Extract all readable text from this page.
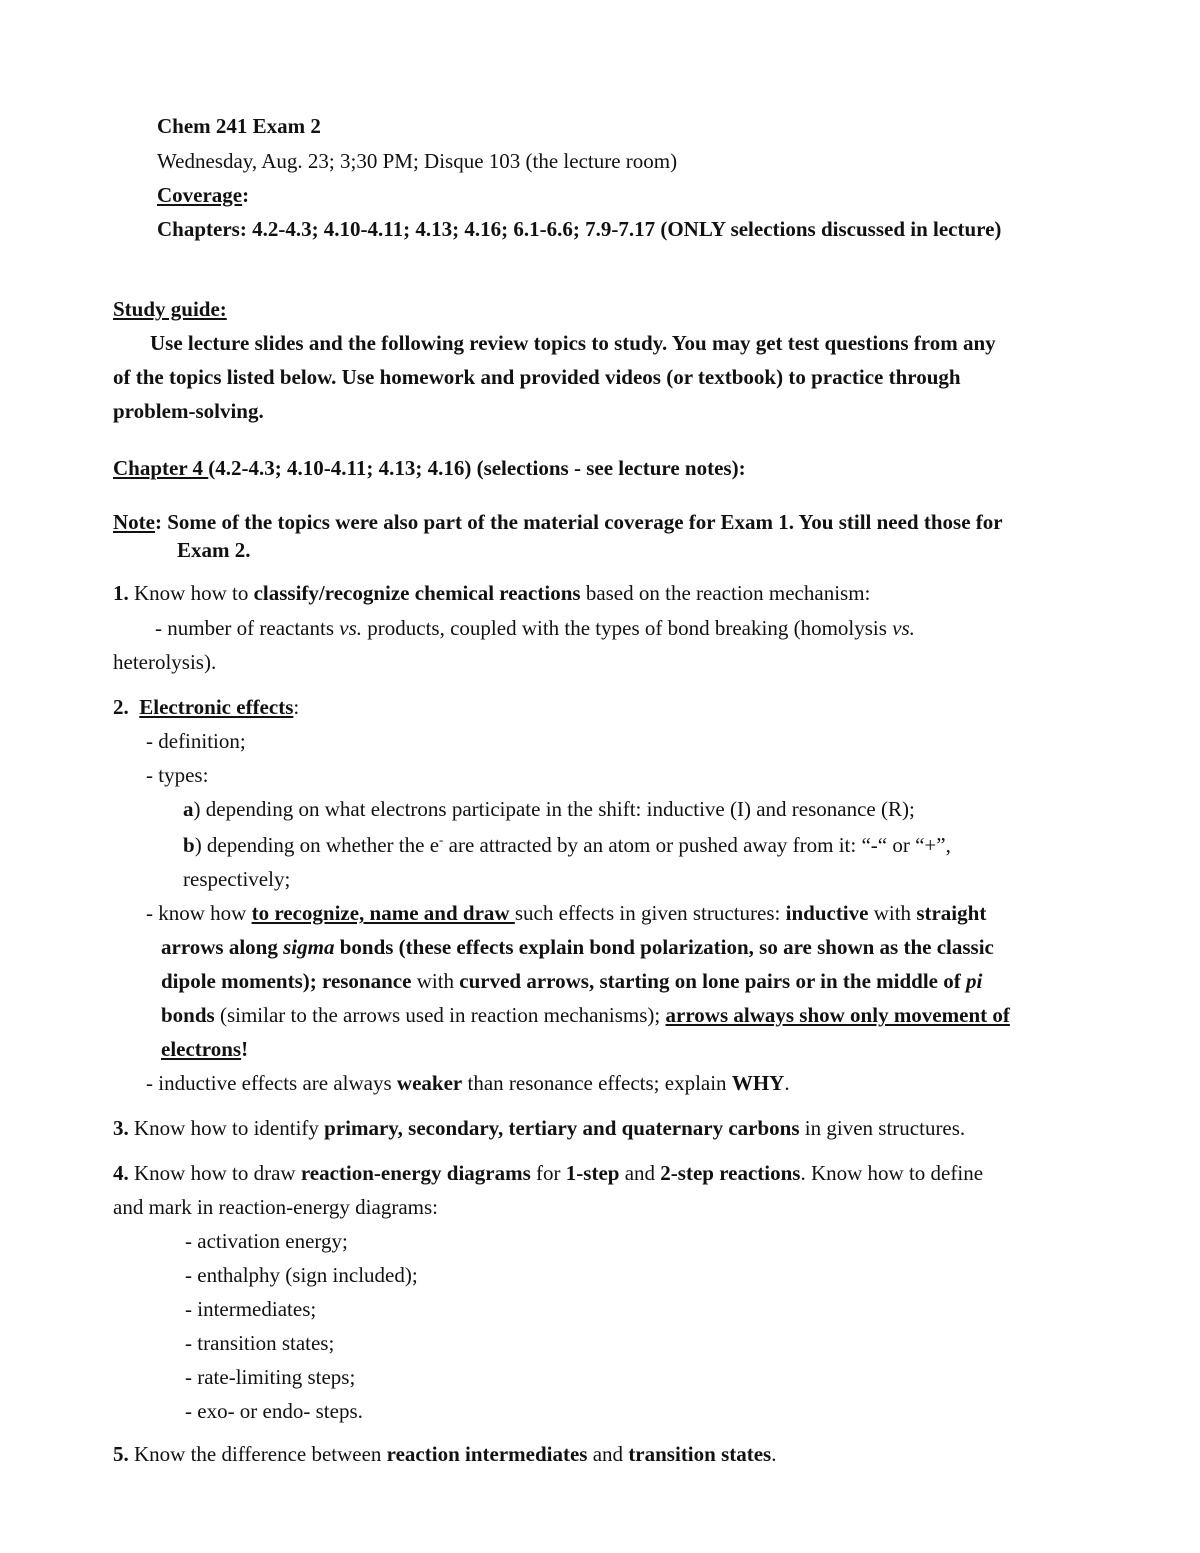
Chem 241 Exam 2
Wednesday, Aug. 23; 3;30 PM; Disque 103 (the lecture room)
Coverage:
Chapters: 4.2-4.3; 4.10-4.11; 4.13; 4.16; 6.1-6.6; 7.9-7.17 (ONLY selections discussed in lecture)
Study guide:
Use lecture slides and the following review topics to study. You may get test questions from any
of the topics listed below. Use homework and provided videos (or textbook) to practice through
problem-solving.
Chapter 4 (4.2-4.3; 4.10-4.11; 4.13; 4.16) (selections - see lecture notes):
Note: Some of the topics were also part of the material coverage for Exam 1. You still need those for
Exam 2.
1. Know how to classify/recognize chemical reactions based on the reaction mechanism:
- number of reactants vs. products, coupled with the types of bond breaking (homolysis vs.
heterolysis).
2. Electronic effects:
- definition;
- types:
a) depending on what electrons participate in the shift: inductive (I) and resonance (R);
b) depending on whether the e- are attracted by an atom or pushed away from it: “-“ or “+”,
respectively;
- know how to recognize, name and draw such effects in given structures: inductive with straight
arrows along sigma bonds (these effects explain bond polarization, so are shown as the classic
dipole moments); resonance with curved arrows, starting on lone pairs or in the middle of pi
bonds (similar to the arrows used in reaction mechanisms); arrows always show only movement of
electrons!
- inductive effects are always weaker than resonance effects; explain WHY.
3. Know how to identify primary, secondary, tertiary and quaternary carbons in given structures.
4. Know how to draw reaction-energy diagrams for 1-step and 2-step reactions. Know how to define
and mark in reaction-energy diagrams:
- activation energy;
- enthalphy (sign included);
- intermediates;
- transition states;
- rate-limiting steps;
- exo- or endo- steps.
5. Know the difference between reaction intermediates and transition states.
